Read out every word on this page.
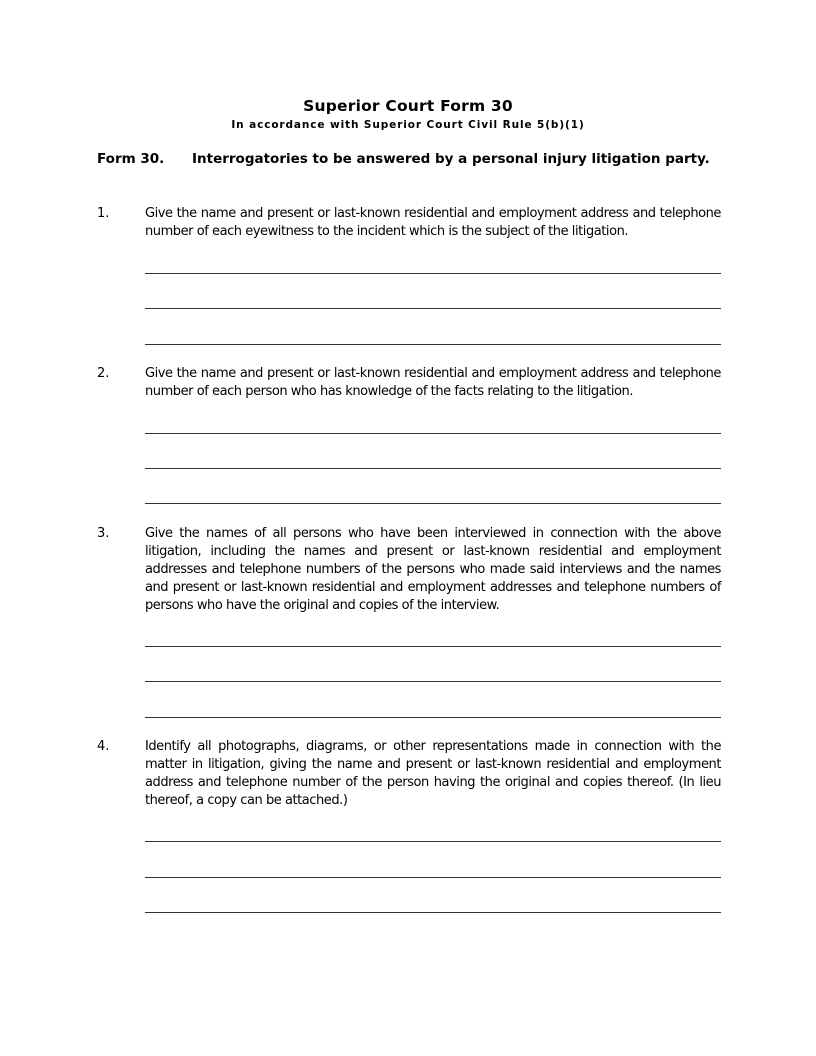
Superior Court Form 30
In accordance with Superior Court Civil Rule 5(b)(1)
Form 30. Interrogatories to be answered by a personal injury litigation party.
1.	Give the name and present or last-known residential and employment address and telephone number of each eyewitness to the incident which is the subject of the litigation.
2.	Give the name and present or last-known residential and employment address and telephone number of each person who has knowledge of the facts relating to the litigation.
3.	Give the names of all persons who have been interviewed in connection with the above litigation, including the names and present or last-known residential and employment addresses and telephone numbers of the persons who made said interviews and the names and present or last-known residential and employment addresses and telephone numbers of persons who have the original and copies of the interview.
4.	Identify all photographs, diagrams, or other representations made in connection with the matter in litigation, giving the name and present or last-known residential and employment address and telephone number of the person having the original and copies thereof. (In lieu thereof, a copy can be attached.)
